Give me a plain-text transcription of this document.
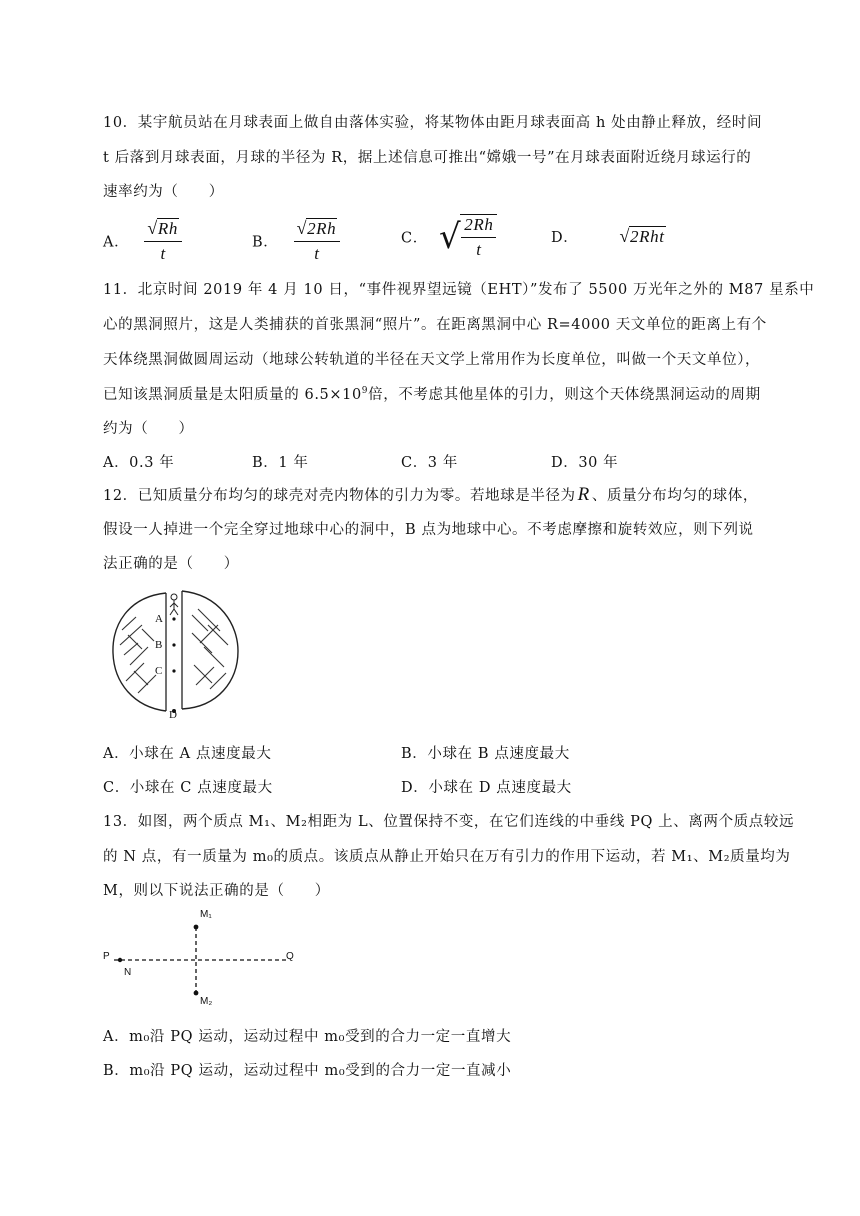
10．某宇航员站在月球表面上做自由落体实验，将某物体由距月球表面高 h 处由静止释放，经时间
t 后落到月球表面，月球的半径为 R，据上述信息可推出“嫦娥一号”在月球表面附近绕月球运行的
速率约为（　　）
A． $\frac{√ Rh}{t}$	B． $\frac{√ 2Rh}{t}$	C． √ $\frac{2Rh}{t}$	D． √ 2Rht
11．北京时间 2019 年 4 月 10 日，“事件视界望远镜（EHT）”发布了 5500 万光年之外的 M87 星系中
心的黑洞照片，这是人类捕获的首张黑洞“照片”。在距离黑洞中心 R=4000 天文单位的距离上有个
天体绕黑洞做圆周运动（地球公转轨道的半径在天文学上常用作为长度单位，叫做一个天文单位），
已知该黑洞质量是太阳质量的 $6.5\times 10^9$倍，不考虑其他星体的引力，则这个天体绕黑洞运动的周期
约为（　　）
A．0.3 年	B．1 年	C．3 年	D．30 年
12．已知质量分布均匀的球壳对壳内物体的引力为零。若地球是半径为 R 、质量分布均匀的球体，
假设一人掉进一个完全穿过地球中心的洞中，B 点为地球中心。不考虑摩擦和旋转效应，则下列说
法正确的是（　　）
A
B
C
D
A．小球在 A 点速度最大	B．小球在 B 点速度最大
C．小球在 C 点速度最大	D．小球在 D 点速度最大
13．如图，两个质点 M₁、M₂相距为 L、位置保持不变，在它们连线的中垂线 PQ 上、离两个质点较远
的 N 点，有一质量为 m₀的质点。该质点从静止开始只在万有引力的作用下运动，若 M₁、M₂质量均为
M，则以下说法正确的是（　　）
P
N
Q
M₁
M₂
A．m₀沿 PQ 运动，运动过程中 m₀受到的合力一定一直增大
B．m₀沿 PQ 运动，运动过程中 m₀受到的合力一定一直减小
